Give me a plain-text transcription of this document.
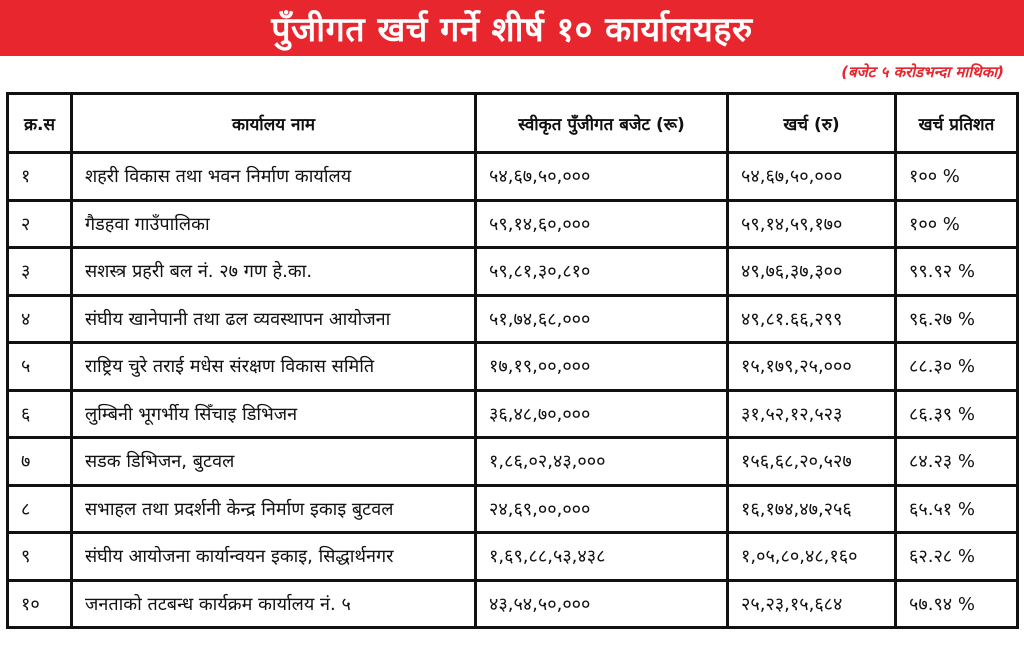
पुँजीगत खर्च गर्ने शीर्ष १० कार्यालयहरु
(बजेट ५ करोडभन्दा माथिका)
क्र.स	कार्यालय नाम	स्वीकृत पुँजीगत बजेट (रू)	खर्च (रु)	खर्च प्रतिशत
१	शहरी विकास तथा भवन निर्माण कार्यालय	५४,६७,५०,०००	५४,६७,५०,०००	१०० %
२	गैडहवा गाउँपालिका	५९,१४,६०,०००	५९,१४,५९,१७०	१०० %
३	सशस्त्र प्रहरी बल नं. २७ गण हे.का.	५९,८१,३०,८१०	४९,७६,३७,३००	९९.९२ %
४	संघीय खानेपानी तथा ढल व्यवस्थापन आयोजना	५१,७४,६८,०००	४९,८१.६६,२९९	९६.२७ %
५	राष्ट्रिय चुरे तराई मधेस संरक्षण विकास समिति	१७,१९,००,०००	१५,१७९,२५,०००	८८.३० %
६	लुम्बिनी भूगर्भीय सिँचाइ डिभिजन	३६,४८,७०,०००	३१,५२,१२,५२३	८६.३९ %
७	सडक डिभिजन, बुटवल	१,८६,०२,४३,०००	१५६,६८,२०,५२७	८४.२३ %
८	सभाहल तथा प्रदर्शनी केन्द्र निर्माण इकाइ बुटवल	२४,६९,००,०००	१६,१७४,४७,२५६	६५.५१ %
९	संघीय आयोजना कार्यान्वयन इकाइ, सिद्धार्थनगर	१,६९,८८,५३,४३८	१,०५,८०,४८,१६०	६२.२८ %
१०	जनताको तटबन्ध कार्यक्रम कार्यालय नं. ५	४३,५४,५०,०००	२५,२३,१५,६८४	५७.९४ %
